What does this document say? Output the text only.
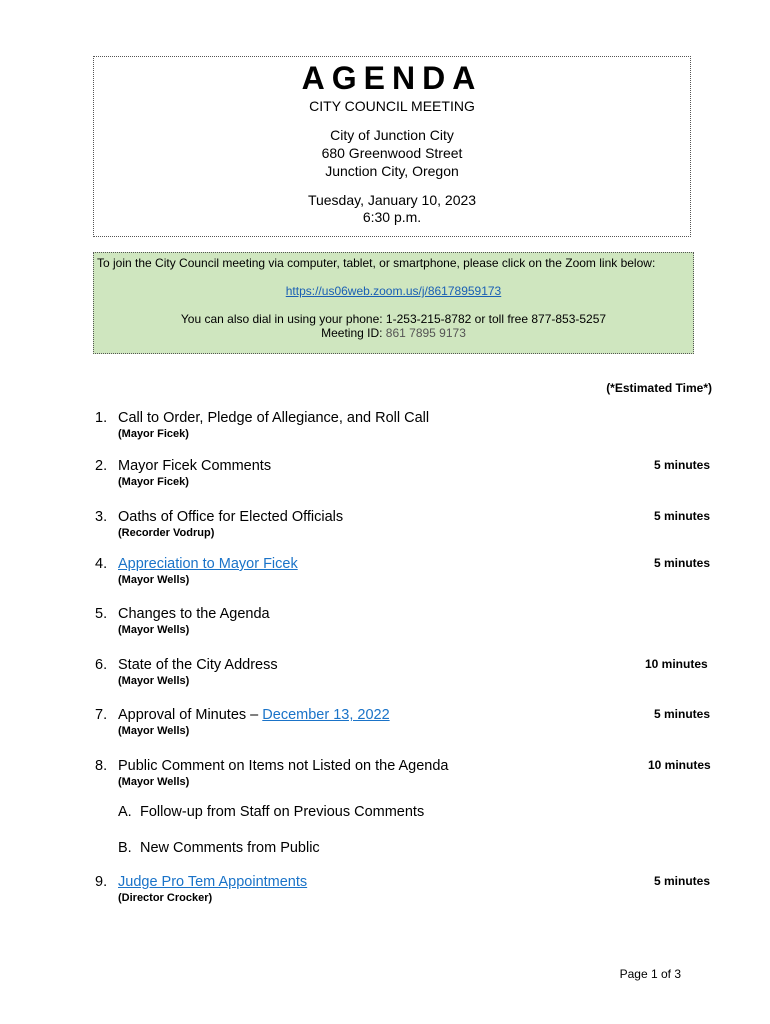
AGENDA
CITY COUNCIL MEETING
City of Junction City
680 Greenwood Street
Junction City, Oregon
Tuesday, January 10, 2023
6:30 p.m.
To join the City Council meeting via computer, tablet, or smartphone, please click on the Zoom link below:
https://us06web.zoom.us/j/86178959173
You can also dial in using your phone: 1-253-215-8782 or toll free 877-853-5257
Meeting ID: 861 7895 9173
(*Estimated Time*)
1. Call to Order, Pledge of Allegiance, and Roll Call
(Mayor Ficek)
2. Mayor Ficek Comments	5 minutes
(Mayor Ficek)
3. Oaths of Office for Elected Officials	5 minutes
(Recorder Vodrup)
4. Appreciation to Mayor Ficek	5 minutes
(Mayor Wells)
5. Changes to the Agenda
(Mayor Wells)
6. State of the City Address	10 minutes
(Mayor Wells)
7. Approval of Minutes – December 13, 2022	5 minutes
(Mayor Wells)
8. Public Comment on Items not Listed on the Agenda	10 minutes
(Mayor Wells)
A. Follow-up from Staff on Previous Comments
B. New Comments from Public
9. Judge Pro Tem Appointments	5 minutes
(Director Crocker)
Page 1 of 3
